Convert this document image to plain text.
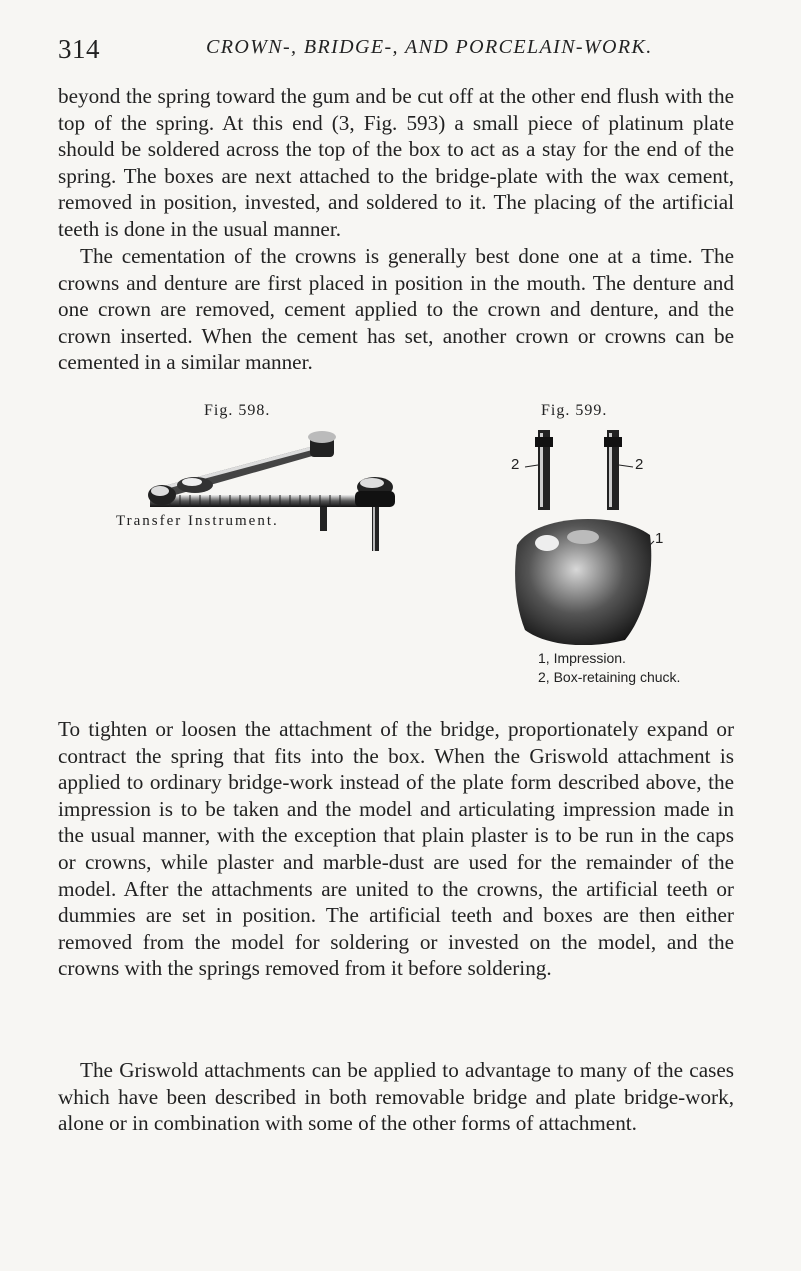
314	CROWN-, BRIDGE-, AND PORCELAIN-WORK.

beyond the spring toward the gum and be cut off at the other end flush with the top of the spring. At this end (3, Fig. 593) a small piece of platinum plate should be soldered across the top of the box to act as a stay for the end of the spring. The boxes are next attached to the bridge-plate with the wax cement, removed in position, invested, and soldered to it. The placing of the artificial teeth is done in the usual manner.

The cementation of the crowns is generally best done one at a time. The crowns and denture are first placed in position in the mouth. The denture and one crown are removed, cement applied to the crown and denture, and the crown inserted. When the cement has set, another crown or crowns can be cemented in a similar manner.

Fig. 598.
Transfer Instrument.
Fig. 599.
2	2
1
1, Impression.
2, Box-retaining chuck.

To tighten or loosen the attachment of the bridge, proportionately expand or contract the spring that fits into the box. When the Griswold attachment is applied to ordinary bridge-work instead of the plate form described above, the impression is to be taken and the model and articulating impression made in the usual manner, with the exception that plain plaster is to be run in the caps or crowns, while plaster and marble-dust are used for the remainder of the model. After the attachments are united to the crowns, the artificial teeth or dummies are set in position. The artificial teeth and boxes are then either removed from the model for soldering or invested on the model, and the crowns with the springs removed from it before soldering.

The Griswold attachments can be applied to advantage to many of the cases which have been described in both removable bridge and plate bridge-work, alone or in combination with some of the other forms of attachment.
